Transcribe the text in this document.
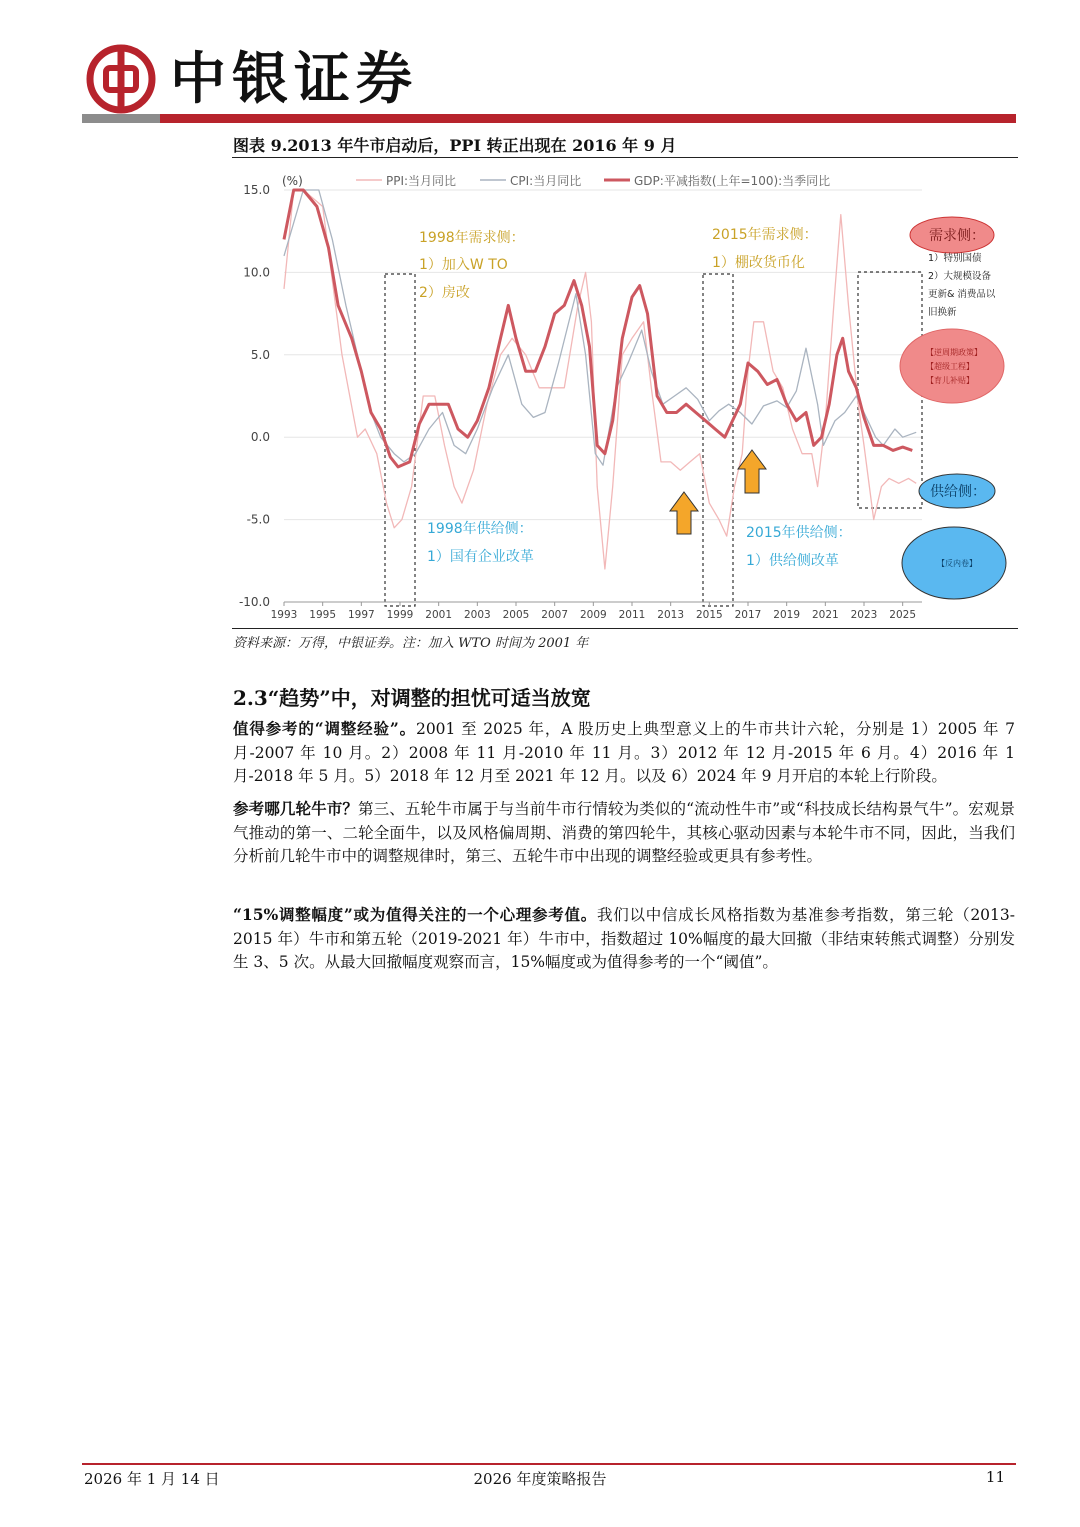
中银证券
图表 9.2013 年牛市启动后，PPI 转正出现在 2016 年 9 月
15.0
10.0
5.0
0.0
-5.0
-10.0
1993 1995 1997 1999 2001 2003 2005 2007 2009 2011 2013 2015 2017 2019 2021 2023 2025
(%)	PPI:当月同比	CPI:当月同比	GDP:平减指数(上年=100):当季同比
1998年需求侧：
1）加入W TO
2）房改
2015年需求侧：
1）棚改货币化
1998年供给侧：
1）国有企业改革
2015年供给侧：
1）供给侧改革
需求侧：
1）特别国债
2）大规模设备
更新& 消费品以
旧换新
【逆周期政策】
【超级工程】
【育儿补贴】
供给侧：
【反内卷】
资料来源：万得，中银证券。注：加入 WTO 时间为 2001 年
2.3“趋势”中，对调整的担忧可适当放宽
值得参考的“调整经验”。2001 至 2025 年，A 股历史上典型意义上的牛市共计六轮，分别是 1）2005 年 7 月-2007 年 10 月。2）2008 年 11 月-2010 年 11 月。3）2012 年 12 月-2015 年 6 月。4）2016 年 1 月-2018 年 5 月。5）2018 年 12 月至 2021 年 12 月。以及 6）2024 年 9 月开启的本轮上行阶段。
参考哪几轮牛市？第三、五轮牛市属于与当前牛市行情较为类似的“流动性牛市”或“科技成长结构景气牛”。宏观景气推动的第一、二轮全面牛，以及风格偏周期、消费的第四轮牛，其核心驱动因素与本轮牛市不同，因此，当我们分析前几轮牛市中的调整规律时，第三、五轮牛市中出现的调整经验或更具有参考性。
“15%调整幅度”或为值得关注的一个心理参考值。我们以中信成长风格指数为基准参考指数，第三轮（2013-2015 年）牛市和第五轮（2019-2021 年）牛市中，指数超过 10%幅度的最大回撤（非结束转熊式调整）分别发生 3、5 次。从最大回撤幅度观察而言，15%幅度或为值得参考的一个“阈值”。
2026 年 1 月 14 日	2026 年度策略报告	11
